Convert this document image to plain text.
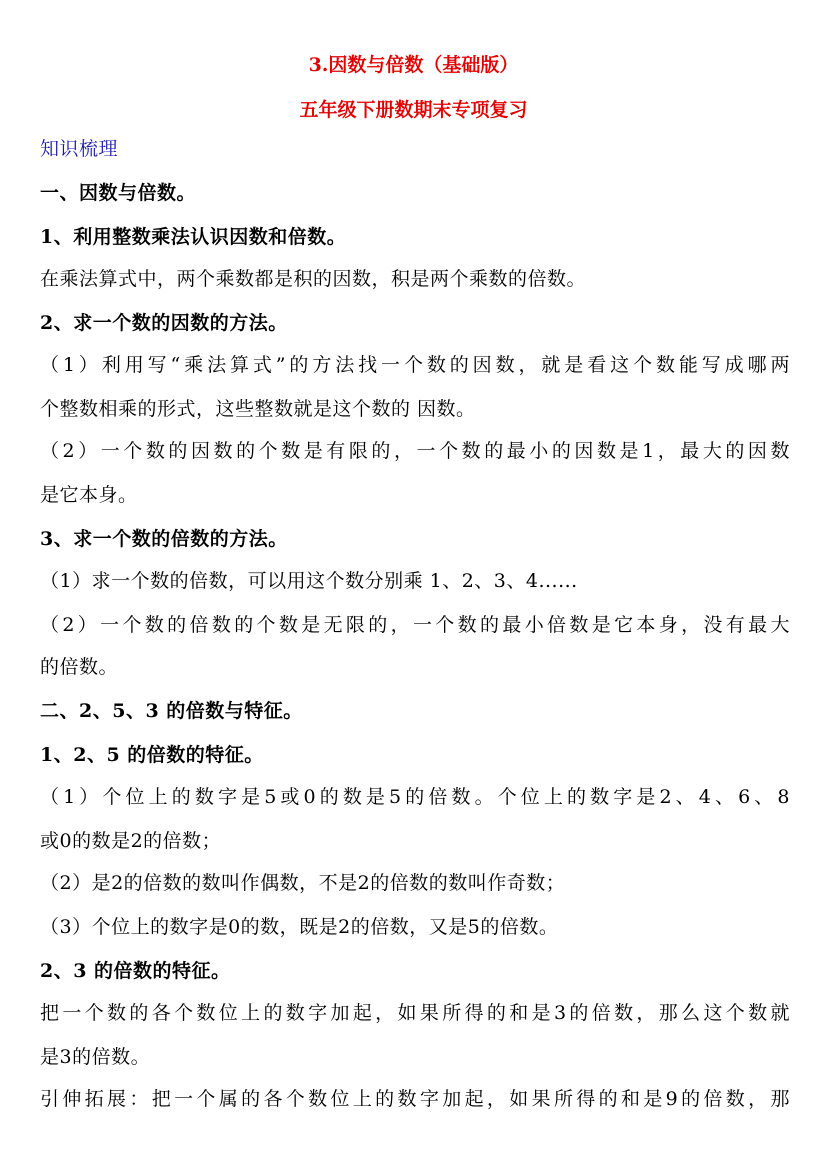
3.因数与倍数（基础版）
五年级下册数期末专项复习
知识梳理
一、因数与倍数。
1、利用整数乘法认识因数和倍数。
在乘法算式中，两个乘数都是积的因数，积是两个乘数的倍数。
2、求一个数的因数的方法。
（1）利用写“乘法算式”的方法找一个数的因数，就是看这个数能写成哪两
个整数相乘的形式，这些整数就是这个数的 因数。
（2）一个数的因数的个数是有限的，一个数的最小的因数是1，最大的因数
是它本身。
3、求一个数的倍数的方法。
（1）求一个数的倍数，可以用这个数分别乘 1、2、3、4......
（2）一个数的倍数的个数是无限的，一个数的最小倍数是它本身，没有最大
的倍数。
二、2、5、3 的倍数与特征。
1、2、5 的倍数的特征。
（1）个位上的数字是5或0的数是5的倍数。个位上的数字是2、4、6、8
或0的数是2的倍数；
（2）是2的倍数的数叫作偶数，不是2的倍数的数叫作奇数；
（3）个位上的数字是0的数，既是2的倍数，又是5的倍数。
2、3 的倍数的特征。
把一个数的各个数位上的数字加起，如果所得的和是3的倍数，那么这个数就
是3的倍数。
引伸拓展：把一个属的各个数位上的数字加起，如果所得的和是9的倍数，那
